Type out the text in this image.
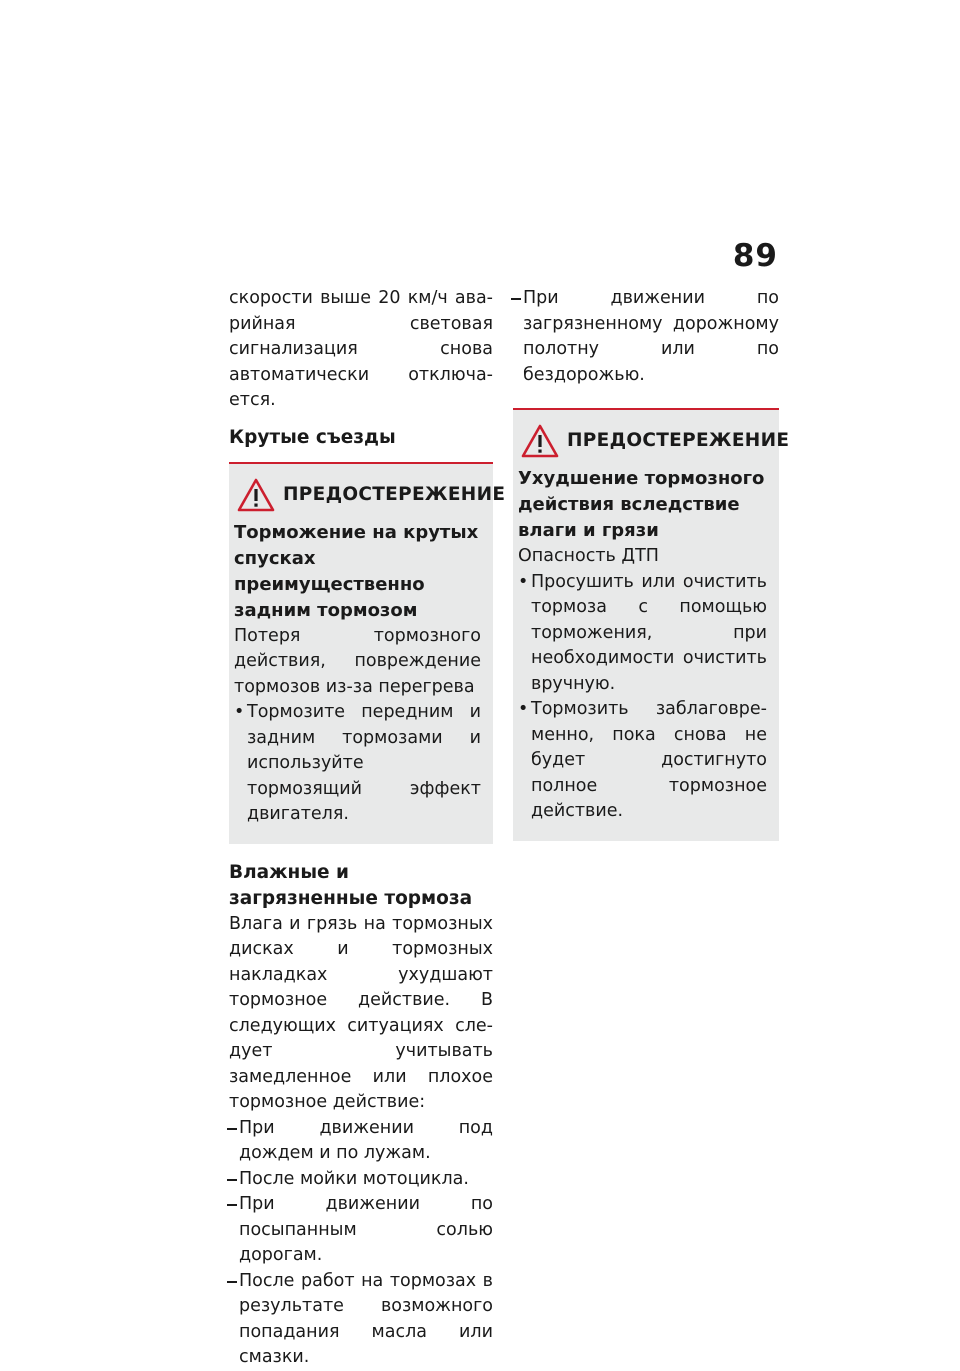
89

скорости выше 20 км/ч аварийная световая сигнализация снова автоматически отключается.

Крутые съезды
ПРЕДОСТЕРЕЖЕНИЕ

Торможение на крутых спусках преимущественно задним тормозом

Потеря тормозного действия, повреждение тормозов из-за перегрева

• Тормозите передним и задним тормозами и используйте тормозящий эффект двигателя.
Влажные и загрязненные тормоза

Влага и грязь на тормозных дисках и тормозных накладках ухудшают тормозное действие. В следующих ситуациях следует учитывать замедленное или плохое тормозное действие:

При движении под дождем и по лужам.
После мойки мотоцикла.
При движении по посыпанным солью дорогам.
После работ на тормозах в результате возможного попадания масла или смазки.
При движении по загрязненному дорожному полотну или по бездорожью.
ПРЕДОСТЕРЕЖЕНИЕ

Ухудшение тормозного действия вследствие влаги и грязи

Опасность ДТП

• Просушить или очистить тормоза с помощью торможения, при необходимости очистить вручную.
• Тормозить заблаговременно, пока снова не будет достигнуто полное тормозное действие.
